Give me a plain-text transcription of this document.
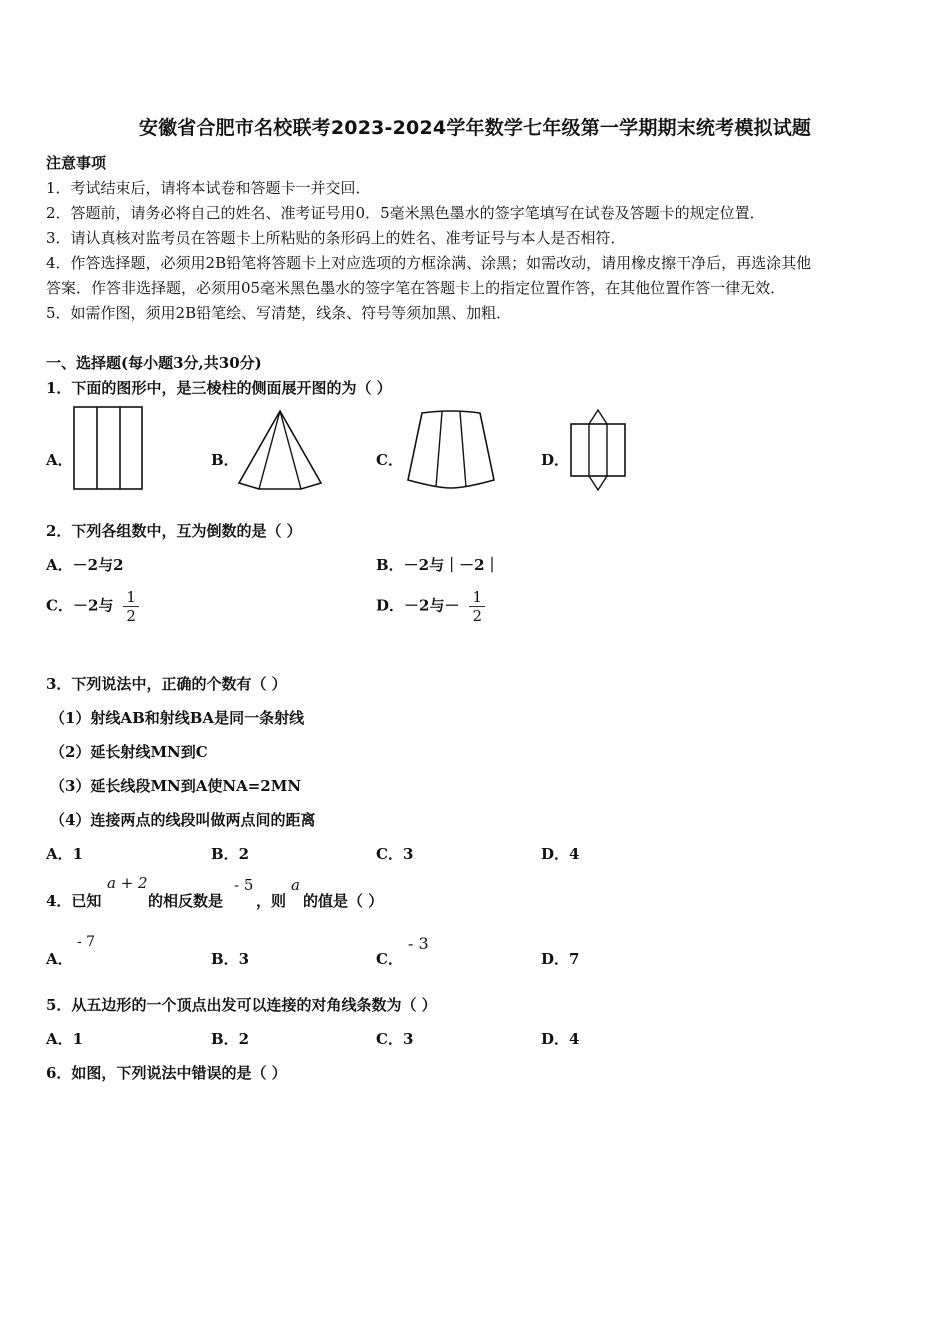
安徽省合肥市名校联考2023-2024学年数学七年级第一学期期末统考模拟试题
注意事项
1．考试结束后，请将本试卷和答题卡一并交回．
2．答题前，请务必将自己的姓名、准考证号用0．5毫米黑色墨水的签字笔填写在试卷及答题卡的规定位置．
3．请认真核对监考员在答题卡上所粘贴的条形码上的姓名、准考证号与本人是否相符．
4．作答选择题，必须用2B铅笔将答题卡上对应选项的方框涂满、涂黑；如需改动，请用橡皮擦干净后，再选涂其他
答案．作答非选择题，必须用05毫米黑色墨水的签字笔在答题卡上的指定位置作答，在其他位置作答一律无效．
5．如需作图，须用2B铅笔绘、写清楚，线条、符号等须加黑、加粗．
一、选择题(每小题3分,共30分)
1．下面的图形中，是三棱柱的侧面展开图的为（ ）
A．	B．	C．	D．
2．下列各组数中，互为倒数的是（ ）
A．－2与2	B．－2与｜－2｜
C．－2与 $\frac{1}{2}$	D．－2与－ $\frac{1}{2}$
3．下列说法中，正确的个数有（ ）
（1）射线AB和射线BA是同一条射线
（2）延长射线MN到C
（3）延长线段MN到A使NA=2MN
（4）连接两点的线段叫做两点间的距离
A．1	B．2	C．3	D．4
4．已知
a + 2
的相反数是
- 5
，则
a
的值是（ ）
A．
- 7
B．3	C．
- 3
D．7
5．从五边形的一个顶点出发可以连接的对角线条数为（ ）
A．1	B．2	C．3	D．4
6．如图，下列说法中错误的是（ ）
